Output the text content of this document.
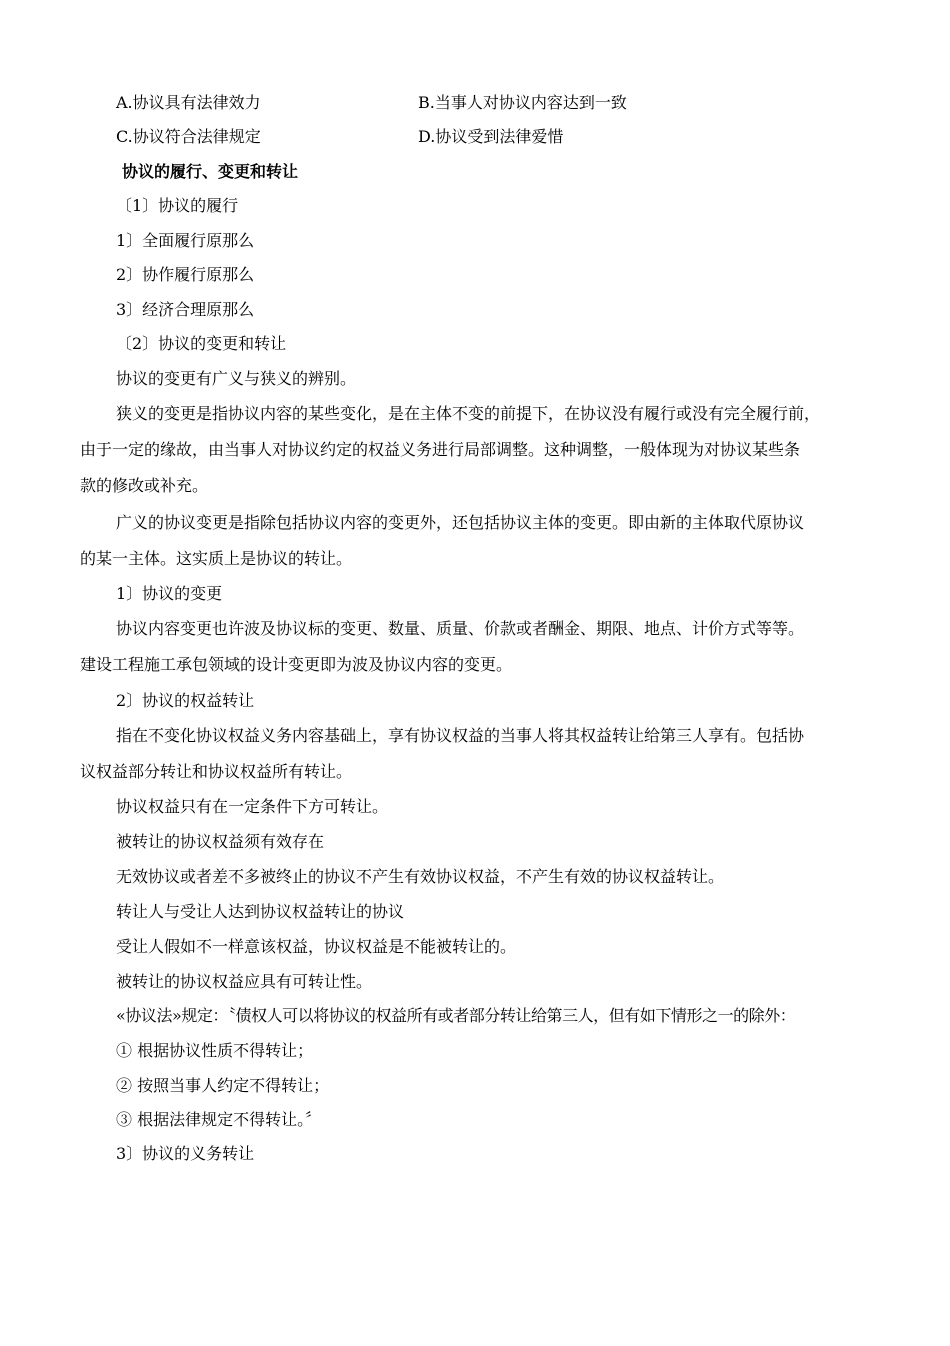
A.协议具有法律效力	B.当事人对协议内容达到一致
C.协议符合法律规定	D.协议受到法律爱惜
协议的履行、变更和转让
〔1〕协议的履行
1〕全面履行原那么
2〕协作履行原那么
3〕经济合理原那么
〔2〕协议的变更和转让
协议的变更有广义与狭义的辨别。
狭义的变更是指协议内容的某些变化，是在主体不变的前提下，在协议没有履行或没有完全履行前，
由于一定的缘故，由当事人对协议约定的权益义务进行局部调整。这种调整，一般体现为对协议某些条
款的修改或补充。
广义的协议变更是指除包括协议内容的变更外，还包括协议主体的变更。即由新的主体取代原协议
的某一主体。这实质上是协议的转让。
1〕协议的变更
协议内容变更也许波及协议标的变更、数量、质量、价款或者酬金、期限、地点、计价方式等等。
建设工程施工承包领域的设计变更即为波及协议内容的变更。
2〕协议的权益转让
指在不变化协议权益义务内容基础上，享有协议权益的当事人将其权益转让给第三人享有。包括协
议权益部分转让和协议权益所有转让。
协议权益只有在一定条件下方可转让。
被转让的协议权益须有效存在
无效协议或者差不多被终止的协议不产生有效协议权益，不产生有效的协议权益转让。
转让人与受让人达到协议权益转让的协议
受让人假如不一样意该权益，协议权益是不能被转让的。
被转让的协议权益应具有可转让性。
«协议法»规定：〝债权人可以将协议的权益所有或者部分转让给第三人，但有如下情形之一的除外：
① 根据协议性质不得转让；
② 按照当事人约定不得转让；
③ 根据法律规定不得转让。〞
3〕协议的义务转让
